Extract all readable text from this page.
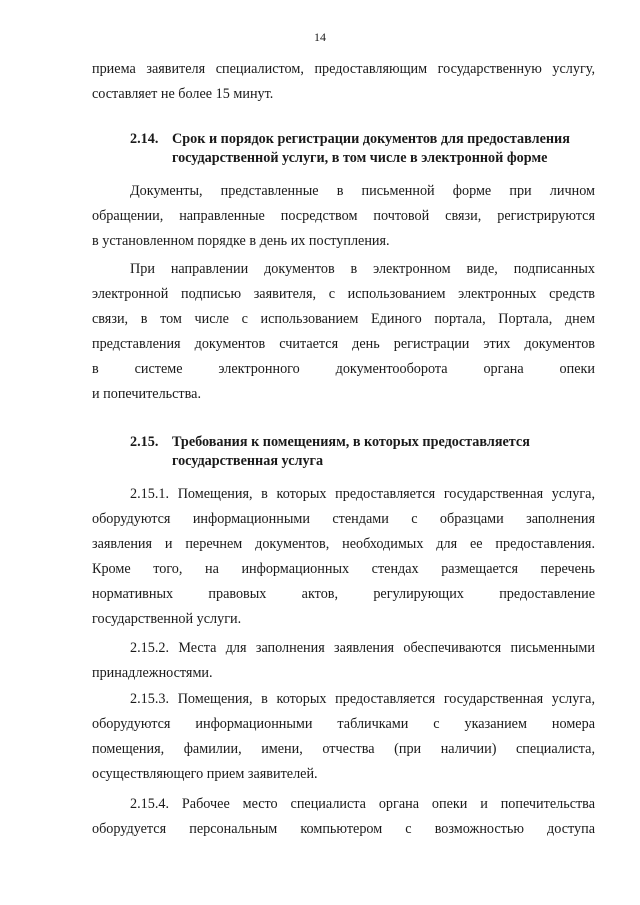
14

приема заявителя специалистом, предоставляющим государственную услугу,

составляет не более 15 минут.

2.14. Срок и порядок регистрации документов для предоставления
государственной услуги, в том числе в электронной форме

Документы, представленные в письменной форме при личном

обращении, направленные посредством почтовой связи, регистрируются

в установленном порядке в день их поступления.

При направлении документов в электронном виде, подписанных

электронной подписью заявителя, с использованием электронных средств

связи, в том числе с использованием Единого портала, Портала, днем

представления документов считается день регистрации этих документов

в системе электронного документооборота органа опеки

и попечительства.

2.15. Требования к помещениям, в которых предоставляется
государственная услуга

2.15.1. Помещения, в которых предоставляется государственная услуга,

оборудуются информационными стендами с образцами заполнения

заявления и перечнем документов, необходимых для ее предоставления.

Кроме того, на информационных стендах размещается перечень

нормативных правовых актов, регулирующих предоставление

государственной услуги.

2.15.2. Места для заполнения заявления обеспечиваются письменными

принадлежностями.

2.15.3. Помещения, в которых предоставляется государственная услуга,

оборудуются информационными табличками с указанием номера

помещения, фамилии, имени, отчества (при наличии) специалиста,

осуществляющего прием заявителей.

2.15.4. Рабочее место специалиста органа опеки и попечительства

оборудуется персональным компьютером с возможностью доступа
